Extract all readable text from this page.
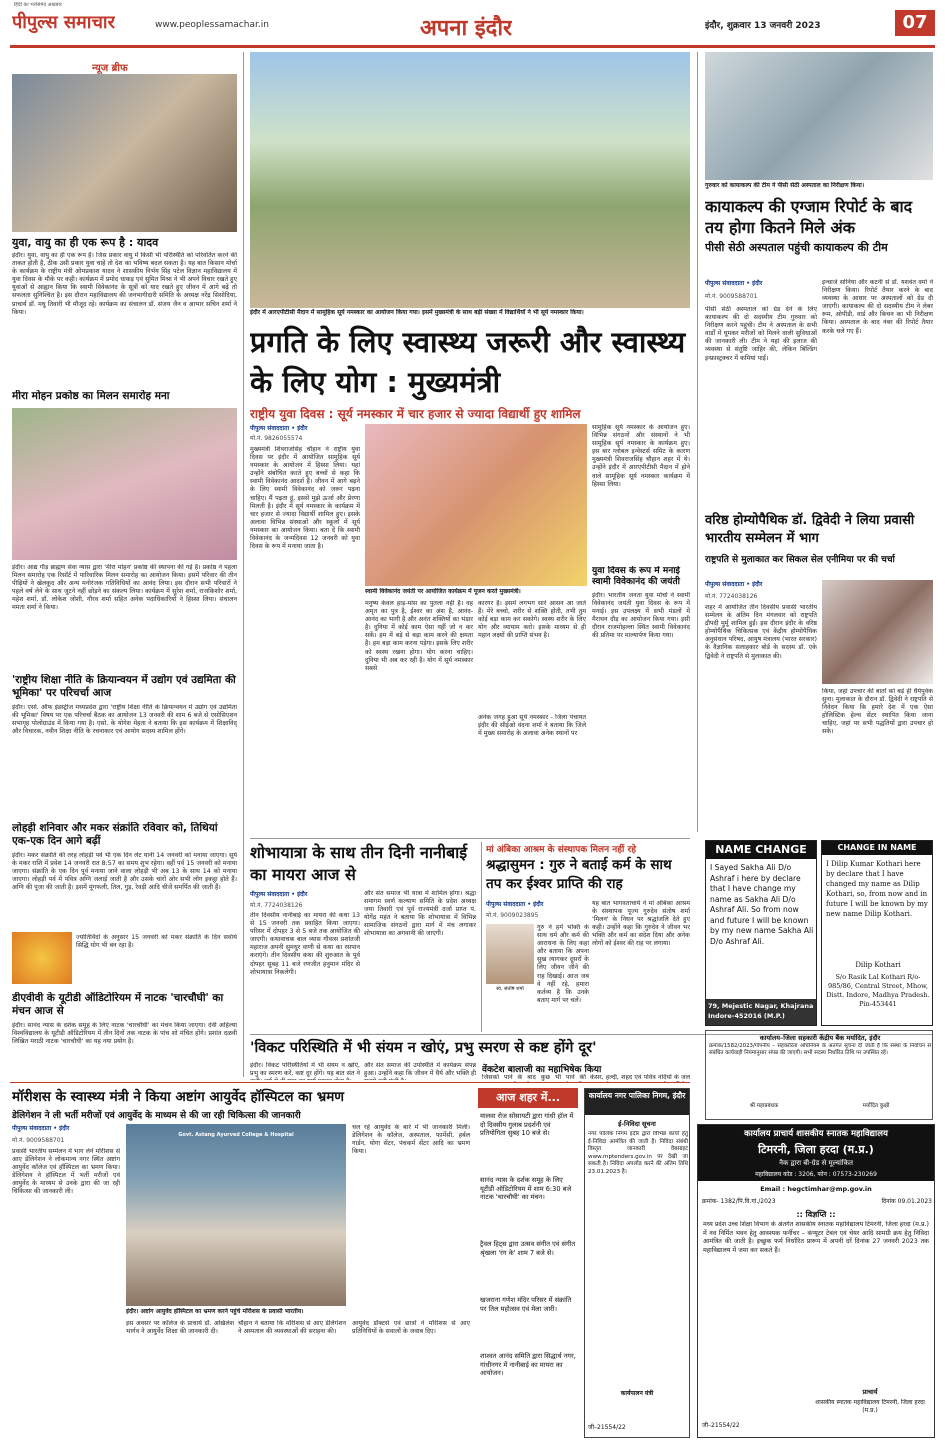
पीपुल्स समाचार
हिंदी का भरोसेमंद अखबार
www.peoplessamachar.in	अपना इंदौर	इंदौर, शुक्रवार 13 जनवरी 2023	07
न्यूज ब्रीफ
युवा, वायु का ही एक रूप है : यादव
इंदौर। युवा, वायु का ही एक रूप है। जिस प्रकार वायु में किसी भी परिस्थिति को परिवर्तित करने की ताकत होती है, ठीक उसी प्रकार युवा चाहे तो देश का भविष्य बदल सकता है। यह बात किसान मोर्चा के कार्यक्रम के राष्ट्रीय मंत्री ओमप्रकाश यादव ने शासकीय निर्भय सिंह पटेल विज्ञान महाविद्यालय में युवा दिवस के मौके पर कही। कार्यक्रम में प्रमोद धाकड़ एवं सुमित मिश्रा ने भी अपने विचार रखते हुए युवाओं से आह्वान किया कि स्वामी विवेकानंद के सूत्रों को याद रखते हुए जीवन में आगे बढ़ें तो सफलता सुनिश्चित है। इस दौरान महाविद्यालय की जनभागीदारी समिति के अध्यक्ष नरेंद्र सिसोदिया, प्राचार्य डॉ. मधु तिवारी भी मौजूद रहे। कार्यक्रम का संचालन डॉ. संजय जैन व आभार सचिन शर्मा ने किया।
मीरा मोहन प्रकोष्ठ का मिलन समारोह मना
इंदौर। आद्य गौड़ ब्राह्मण सेवा न्यास द्वारा 'मीरा मोहन' प्रकोष्ठ की स्थापना की गई है। प्रकोष्ठ ने पहला मिलन समारोह एक रिसॉर्ट में पारिवारिक मिलन समारोह का आयोजन किया। इसमें परिवार की तीन पीढ़ियों ने खेलकूद और अन्य मनोरंजक गतिविधियों का आनंद लिया। इस दौरान सभी परिवारों ने पहले वर्ष लेने के साथ जुटने नहीं छोड़ने का संकल्प लिया। कार्यक्रम में सुरेश शर्मा, राजकिशोर शर्मा, महेश शर्मा, डॉ. लोकेश जोशी, गौरव शर्मा सहित अनेक पदाधिकारियों ने हिस्सा लिया। संचालन ममता शर्मा ने किया।
'राष्ट्रीय शिक्षा नीति के क्रियान्वयन में उद्योग एवं उद्यमिता की भूमिका' पर परिचर्चा आज
इंदौर। एसो. ऑफ इंडस्ट्रीज मध्यप्रदेश द्वारा 'राष्ट्रीय शिक्षा नीति के क्रियान्वयन में उद्योग एवं उद्यमिता की भूमिका' विषय पर एक परिचर्चा बैठक का आयोजन 13 जनवरी की शाम 6 बजे से एसोसिएशन सभागृह पोलोग्राउंड में किया गया है। एसो. के योगेश मेहता ने बताया कि इस कार्यक्रम में शिक्षाविद् और विचारक, नवीन शिक्षा नीति के रचनाकार एवं आयोग सदस्य शामिल होंगे।
लोहड़ी शनिवार और मकर संक्रांति रविवार को, तिथियां एक-एक दिन आगे बढ़ीं
इंदौर। मकर संक्रांति की तरह लोहड़ी पर्व भी एक दिन लेट यानी 14 जनवरी को मनाया जाएगा। सूर्य के मकर राशि में प्रवेश 14 जनवरी रात 8:57 का समय शुभ रहेगा। वहीं पर्व 15 जनवरी को मनाया जाएगा। संक्रांति के एक दिन पूर्व मनाया जाने वाला लोहड़ी भी अब 13 के साथ 14 को मनाया जाएगा। लोहड़ी पर्व में पवित्र अग्नि जलाई जाती है और उसके चारों ओर सभी लोग इकट्ठा होते हैं। अग्नि की पूजा की जाती है। इसमें मूंगफली, तिल, गुड़, रेवड़ी आदि चीजें समर्पित की जाती हैं।
ज्योतिर्विदों के अनुसार 15 जनवरी को मकर संक्रांति के दिन सर्वार्थ सिद्धि योग भी बन रहा है।
डीएवीवी के यूटीडी ऑडिटोरियम में नाटक 'चारचौघी' का मंचन आज से
इंदौर। सानंद न्यास के दर्शक समूह के लिए नाटक 'चारचौघी' का मंचन किया जाएगा। देवी अहिल्या विश्वविद्यालय के यूटीडी ऑडिटोरियम में तीन दिनों तक नाटक के पांच शो मंचित होंगे। प्रशांत दळवी लिखित मराठी नाटक 'चारचौघी' का यह नया प्रयोग है।
इंदौर में आरएपीटीसी मैदान में सामूहिक सूर्य नमस्कार का आयोजन किया गया। इसमें मुख्यमंत्री के साथ बड़ी संख्या में विद्यार्थियों ने भी सूर्य नमस्कार किया।
प्रगति के लिए स्वास्थ्य जरूरी और स्वास्थ्य के लिए योग : मुख्यमंत्री
राष्ट्रीय युवा दिवस : सूर्य नमस्कार में चार हजार से ज्यादा विद्यार्थी हुए शामिल
पीपुल्स संवाददाता • इंदौर
मो.नं. 9826055574
मुख्यमंत्री शिवराजसिंह चौहान ने राष्ट्रीय युवा दिवस पर इंदौर में आयोजित सामूहिक सूर्य नमस्कार के आयोजन में हिस्सा लिया। यहां उन्होंने संबोधित करते हुए बच्चों से कहा कि स्वामी विवेकानंद आदर्श हैं। जीवन में आगे बढ़ने के लिए स्वामी विवेकानंद को जरूर पढ़ना चाहिए। मैं पढ़ता हूं, इससे मुझे ऊर्जा और प्रेरणा मिलती है। इंदौर में सूर्य नमस्कार के कार्यक्रम में चार हजार से ज्यादा विद्यार्थी शामिल हुए। इसके अलावा विभिन्न संस्थाओं और स्कूलों में सूर्य नमस्कार का आयोजन किया। बता दें कि स्वामी विवेकानंद के जन्मदिवस 12 जनवरी को युवा दिवस के रूप में मनाया जाता है।
स्वामी विवेकानंद जयंती पर आयोजित कार्यक्रम में पूजन करते मुख्यमंत्री।
मनुष्य केवल हाड़-मांस का पुतला नहीं है। वह अमृत का पुत्र है, ईश्वर का अंश है, आनंद-आनंद का भागी है और अनंत शक्तियों का भंडार है। दुनिया में कोई काम ऐसा नहीं जो न कर सकें। हम में बड़े से बड़ा काम करने की क्षमता है। हम बड़ा काम करना पड़ेगा। इसके लिए शरीर को स्वस्थ रखना होगा। योग करना चाहिए। दुनिया भी अब कर रही है। योग में सूर्य नमस्कार सबसे
कारगर है। इसमें लगभग सारे आसन आ जाते हैं। मेरे बच्चो, शरीर से शक्ति होती, तभी तुम कोई बड़ा काम कर सकोगे। स्वस्थ शरीर के लिए योग और व्यायाम करो। इसके माध्यम से ही महान लक्ष्यों की प्राप्ति संभव है।
अनेक जगह हुआ सूर्य नमस्कार - जिला पंचायत इंदौर की सीईओ वंदना शर्मा ने बताया कि जिले में मुख्य समारोह के अलावा अनेक स्थानों पर
सामूहिक सूर्य नमस्कार के आयोजन हुए। विभिन्न संगठनों और संस्थानों ने भी सामूहिक सूर्य नमस्कार के कार्यक्रम हुए। इस बार ग्लोबल इन्वेस्टर्स समिट के कारण मुख्यमंत्री शिवराजसिंह चौहान शहर में थे। उन्होंने इंदौर में आरएपीटीसी मैदान में होने वाले सामूहिक सूर्य नमस्कार कार्यक्रम में हिस्सा लिया।
युवा दिवस के रूप में मनाई स्वामी विवेकानंद की जयंती
इंदौर। भारतीय जनता युवा मोर्चा ने स्वामी विवेकानंद जयंती युवा दिवस के रूप में मनाई। इस उपलक्ष्य में सभी मंडलों में मैराथन दौड़ का आयोजन किया गया। इसी दौरान राजमोहल्ला स्थित स्वामी विवेकानंद की प्रतिमा पर माल्यार्पण किया गया।
गुरुवार को कायाकल्प की टीम ने पीसी सेठी अस्पताल का निरीक्षण किया।
कायाकल्प की एग्जाम रिपोर्ट के बाद तय होगा कितने मिले अंक
पीसी सेठी अस्पताल पहुंची कायाकल्प की टीम
पीपुल्स संवाददाता • इंदौर
मो.नं. 9009588701
पीसी सेठी अस्पताल को ग्रेड देने के लिए कायाकल्प की दो सदस्यीय टीम गुरुवार को निरीक्षण करने पहुंची। टीम ने अस्पताल के सभी वार्डों में घूमकर मरीजों को मिलने वाली सुविधाओं की जानकारी ली। टीम ने यहां की इलाज की व्यवस्था से संतुष्टि जाहिर की, लेकिन बिल्डिंग इन्फ्रास्ट्रक्चर में कमियां पाईं।
इन्चार्ज सोनिया और कटनी से डॉ. यशवंत वर्मा ने निरीक्षण किया। रिपोर्ट तैयार करने के बाद व्यवस्था के आधार पर अस्पतालों को ग्रेड दी जाएगी। कायाकल्प की दो सदस्यीय टीम ने लेबर रूम, ओपीडी, वार्ड और किचन का भी निरीक्षण किया। अस्पताल के बाद नंबर की रिपोर्ट तैयार करके चले गए हैं।
वरिष्ठ होम्योपैथिक डॉ. द्विवेदी ने लिया प्रवासी भारतीय सम्मेलन में भाग
राष्ट्रपति से मुलाकात कर सिकल सेल एनीमिया पर की चर्चा
पीपुल्स संवाददाता • इंदौर
मो.नं. 7724038126
शहर में आयोजित तीन दिवसीय प्रवासी भारतीय सम्मेलन के अंतिम दिन मंगलवार को राष्ट्रपति द्रौपदी मुर्मू शामिल हुईं। इस दौरान इंदौर के वरिष्ठ होम्योपैथिक चिकित्सक एवं केंद्रीय होम्योपैथिक अनुसंधान परिषद, आयुष मंत्रालय (भारत सरकार) के वैज्ञानिक सलाहकार बोर्ड के सदस्य डॉ. एके द्विवेदी ने राष्ट्रपति से मुलाकात की।
किया, जहां उपचार की बातों को बड़े ही धैर्यपूर्वक सुना। मुलाकात के दौरान डॉ. द्विवेदी ने राष्ट्रपति से निवेदन किया कि हमारे देश में एक ऐसा होलिस्टिक हेल्थ सेंटर स्थापित किया जाना चाहिए, जहां पर सभी पद्धतियों द्वारा उपचार हो सके।
शोभायात्रा के साथ तीन दिनी नानीबाई का मायरा आज से
पीपुल्स संवाददाता • इंदौर
मो.नं. 7724038126
तीन दिवसीय नानीबाई का मायरा की कथा 13 से 15 जनवरी तक प्रवाहित किया जाएगा। परिसर में दोपहर 3 से 5 बजे तक आयोजित की जाएगी। कथावाचक बाल व्यास गौवत्स प्रशांतजी महाराज अपनी सुमधुर वाणी से कथा का रसपान कराएंगे। तीन दिवसीय कथा की शुरुआत के पूर्व दोपहर सुबह 11 बजे रणजीत हनुमान मंदिर से शोभायात्रा निकलेगी।
और संत समाज भी यात्रा में शामिल होगा। श्रद्धा समागम स्वर्ण कल्याण समिति के प्रदेश अध्यक्ष जया तिवारी एवं पूर्व राज्यमंत्री दर्जा प्राप्त पं. योगेंद्र महंत ने बताया कि शोभायात्रा में विभिन्न सामाजिक संगठनों द्वारा मार्ग में मंच लगाकर शोभायात्रा का अगवानी की जाएगी।
मां अंबिका आश्रम के संस्थापक मिलन नहीं रहे
श्रद्धासुमन : गुरु ने बताई कर्म के साथ तप कर ईश्वर प्राप्ति की राह
पीपुल्स संवाददाता • इंदौर
मो.नं. 9009023895
स्व. संतोष शर्मा
गुरु ने हमें भक्ति के साथ धर्म और कर्म की आराधना के लिए कहा और बताया कि अपना सुख त्यागकर दूसरों के लिए जीवन जीने की राह दिखाई। आज जब वे नहीं रहे, हमारा कर्तव्य है कि उनके बताए मार्ग पर चलें।
यह बात भागवताचार्य ने मां अंबिका आश्रम के संस्थापक पूज्य गुरुदेव संतोष शर्मा 'मिलन' के निधन पर श्रद्धांजलि देते हुए कही। उन्होंने कहा कि गुरुदेव ने जीवन भर भक्ति और कर्म का संदेश दिया और अनेक लोगों को ईश्वर की राह पर लगाया।
'विकट परिस्थिति में भी संयम न खोएं, प्रभु स्मरण से कष्ट होंगे दूर'
इंदौर। विकट परिस्थितियों में भी संयम न खोएं, प्रभु का स्मरण करें, कष्ट दूर होंगे। यह बात संत ने
और संत समाज की उपस्थिति में कार्यक्रम संपन्न हुआ। उन्होंने कहा कि जीवन में धैर्य और भक्ति ही वेंकटेश बालाजी का महाभिषेक किया
जिसको पाने के बाद कुछ भी पाने की केसर, हल्दी, शहद एवं पवित्र नदियों के जल
NAME CHANGE
I Sayed Sakha Ali D/o Ashraf i here by declare that I have change my name as Sakha Ali D/o Ashraf Ali. So from now and future I will be known by my new name Sakha Ali D/o Ashraf Ali.
79, Mejestic Nagar, Khajrana Indore-452016 (M.P.)
CHANGE IN NAME
I Dilip Kumar Kothari here by declare that I have changed my name as Dilip Kothari, so, from now and in future I will be known by my new name Dilip Kothari.
Dilip Kothari
S/o Rasik Lal Kothari R/o-985/86, Central Street, Mhow, Distt. Indore, Madhya Pradesh. Pin-453441
कार्यालय–जिला सहकारी केंद्रीय बैंक मर्यादित, इंदौर
क्रमांक/1582/2023/गोपनीय – सहकारिता अधिनियम के अंतर्गत सूचना दी जाती है कि संस्था के निर्वाचन से संबंधित कार्यवाही नियमानुसार संपन्न की जाएगी। सभी सदस्य निर्धारित तिथि पर उपस्थित रहें।
श्री महाप्रबंधक	मर्यादित कुक्षी
मॉरीशस के स्वास्थ्य मंत्री ने किया अष्टांग आयुर्वेद हॉस्पिटल का भ्रमण
डेलिगेशन ने ली भर्ती मरीजों एवं आयुर्वेद के माध्यम से की जा रही चिकित्सा की जानकारी
पीपुल्स संवाददाता • इंदौर
मो.नं. 9009588701
प्रवासी भारतीय सम्मेलन में भाग लेने मॉरीशस से आए डेलिगेशन ने लोकमान्य नगर स्थित अष्टांग आयुर्वेद कॉलेज एवं हॉस्पिटल का भ्रमण किया। डेलिगेशन ने हॉस्पिटल में भर्ती मरीजों एवं आयुर्वेद के माध्यम से उनके द्वारा की जा रही चिकित्सा की जानकारी ली।
Govt. Astang Ayurved College & Hospital
इंदौर। अष्टांग आयुर्वेद हॉस्पिटल का भ्रमण करने पहुंचे मॉरीशस के प्रवासी भारतीय।
चल रहे आयुर्वेद के बारे में भी जानकारी मिली। डेलिगेशन के कॉलेज, अस्पताल, फार्मेसी, हर्बल गार्डन, योगा सेंटर, पंचकर्म सेंटर आदि का भ्रमण किया।
इस अवसर पर कॉलेज के प्राचार्य डॉ. अखिलेश भार्गव ने आयुर्वेद शिक्षा की जानकारी दी।
चौहान ने बताया कि मॉरीशस से आए डेलिगेशन ने अस्पताल की व्यवस्थाओं की सराहना की।
आयुर्वेद डॉक्टर्स एवं छात्रों ने मॉरीशस से आए प्रतिनिधियों के सवालों के जवाब दिए।
आज शहर में...
मालवा रोज सोसायटी द्वारा गांधी हॉल में दो दिवसीय गुलाब प्रदर्शनी एवं प्रतियोगिता सुबह 10 बजे से।
सानंद न्यास के दर्शक समूह के लिए यूटीडी ऑडिटोरियम में शाम 6:30 बजे नाटक 'चारचौघी' का मंचन।
ट्रैवल हिट्स द्वारा उत्सव संगीत एवं संगीत श्रृंखला 'रंग के' शाम 7 बजे से।
खजराना गणेश मंदिर परिसर में संक्रांति पर तिल महोत्सव एवं मेला जारी।
शाश्वत आनंद समिति द्वारा सिद्धार्थ नगर, गांधीनगर में नानीबाई का मायरा का आयोजन।
कार्यालय नगर पालिका निगम, इंदौर
ई-निविदा सूचना
नगर पालिक निगम इंदौर द्वारा विभिन्न कार्यों हेतु ई-निविदा आमंत्रित की जाती है। निविदा संबंधी विस्तृत जानकारी वेबसाइट www.mptenders.gov.in पर देखी जा सकती है। निविदा अपलोड करने की अंतिम तिथि 23.01.2023 है।
कार्यपालन यंत्री
जी–21554/22
कार्यालय प्राचार्य शासकीय स्नातक महाविद्यालय
टिमरनी, जिला हरदा (म.प्र.)
नैक द्वारा बी-ग्रेड से मूल्यांकित
महाविद्यालय कोड : 3206, फोन : 07573-230269
Email : hegctimhar@mp.gov.in
क्रमांक- 1382/पि.वि.गां./2023	दिनांक 09.01.2023
:: विज्ञप्ति ::
मध्य प्रदेश उच्च शिक्षा विभाग के अंतर्गत शासकीय स्नातक महाविद्यालय टिमरनी, जिला हरदा (म.प्र.) में नव निर्मित भवन हेतु आवश्यक फर्नीचर – कंप्यूटर टेबल एवं चेयर आदि सामग्री क्रय हेतु निविदा आमंत्रित की जाती है। इच्छुक फर्म निर्धारित प्रारूप में अपनी दरें दिनांक 27 जनवरी 2023 तक महाविद्यालय में जमा कर सकते हैं।
प्राचार्य
शासकीय स्नातक महाविद्यालय टिमरनी, जिला हरदा (म.प्र.)
जी–21554/22
